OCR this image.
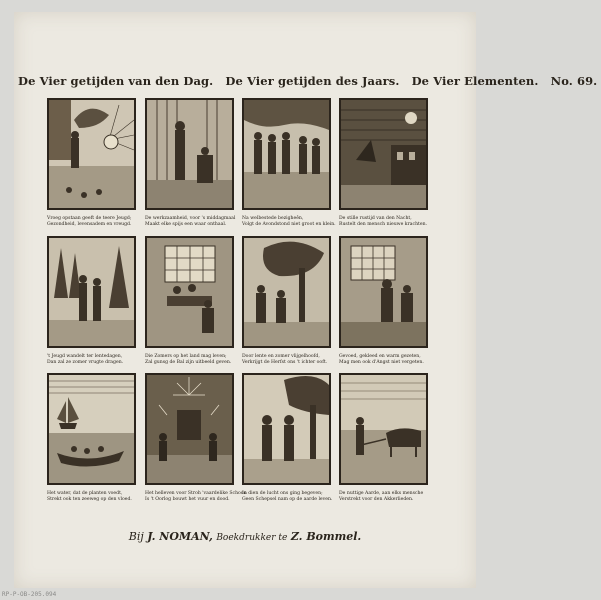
De Vier getijden van den Dag. De Vier getijden des Jaars. De Vier Elementen. No. 69.
Vroeg opstaan geeft de teere Jeugd;
Gezondheid, levensadem en vreugd.
De werkzaamheid, voor 's middagmaal
Maakt elke spijs een waar onthaal.
Na welbestede bezigheên,
Volgt de Avondstond niet groot en klein.
De stille rustijd van den Nacht,
Rustelt den mensch nieuwe krachten.
't Jeugd wandelt ter lentedagen,
Dan zal ze zomer vrugte dragen.
Die Zomers op het land mag leven;
Zal gunsg de Bal zijn uitbeeld geven.
Door lente en zomer vlijgelhoofd,
Verkrijgt de Herfst ons 't ichter ooft.
Gevoed, gekleed en warm gezeten,
Mag men ook d'Angst niet vergeten.
Het water, dat de planten voedt,
Strekt ook ten zeeweg op den vloed.
Het helleven voor Stroh 'vaardelike Schoon
Is 't Oorlog bouwt het vuur en dood.
In dien de lucht ons ging begeven;
Geen Schepsel nam op de aarde leven.
De nuttige Aarde, aan elks mensche
Verstrekt voor den Akkerlieden.
Bij J. NOMAN, Boekdrukker te Z. Bommel.
RP-P-OB-205.094
